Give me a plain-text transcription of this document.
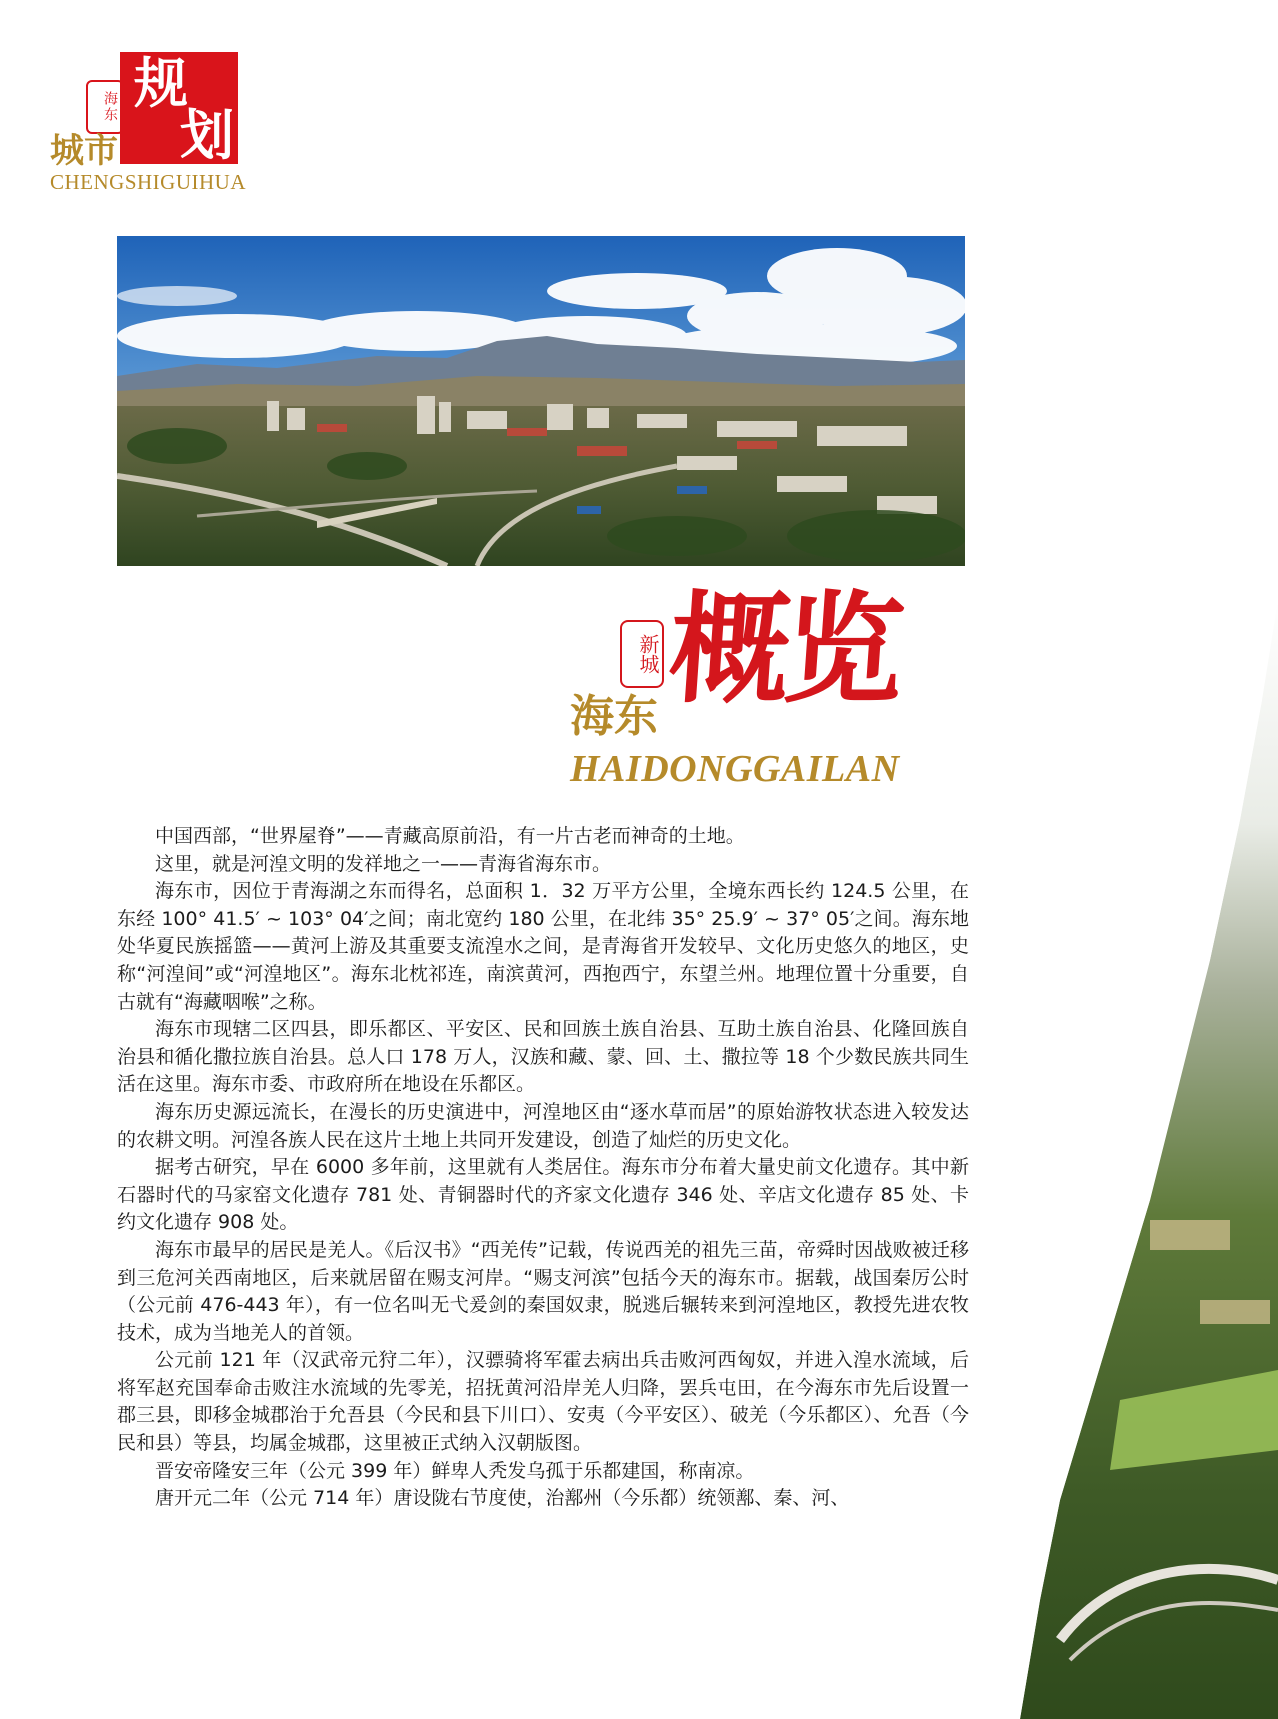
规
划
海东
城市
CHENGSHIGUIHUA
概览
新城
海东
HAIDONGGAILAN

中国西部，“世界屋脊”——青藏高原前沿，有一片古老而神奇的土地。

这里，就是河湟文明的发祥地之一——青海省海东市。

海东市，因位于青海湖之东而得名，总面积 1．32 万平方公里，全境东西长约 124.5 公里，在东经 100° 41.5′ ~ 103° 04′之间；南北宽约 180 公里，在北纬 35° 25.9′ ~ 37° 05′之间。海东地处华夏民族摇篮——黄河上游及其重要支流湟水之间，是青海省开发较早、文化历史悠久的地区，史称“河湟间”或“河湟地区”。海东北枕祁连，南滨黄河，西抱西宁，东望兰州。地理位置十分重要，自古就有“海藏咽喉”之称。

海东市现辖二区四县，即乐都区、平安区、民和回族土族自治县、互助土族自治县、化隆回族自治县和循化撒拉族自治县。总人口 178 万人，汉族和藏、蒙、回、土、撒拉等 18 个少数民族共同生活在这里。海东市委、市政府所在地设在乐都区。

海东历史源远流长，在漫长的历史演进中，河湟地区由“逐水草而居”的原始游牧状态进入较发达的农耕文明。河湟各族人民在这片土地上共同开发建设，创造了灿烂的历史文化。

据考古研究，早在 6000 多年前，这里就有人类居住。海东市分布着大量史前文化遗存。其中新石器时代的马家窑文化遗存 781 处、青铜器时代的齐家文化遗存 346 处、辛店文化遗存 85 处、卡约文化遗存 908 处。

海东市最早的居民是羌人。《后汉书》“西羌传”记载，传说西羌的祖先三苗，帝舜时因战败被迁移到三危河关西南地区，后来就居留在赐支河岸。“赐支河滨”包括今天的海东市。据载，战国秦厉公时（公元前 476-443 年），有一位名叫无弋爰剑的秦国奴隶，脱逃后辗转来到河湟地区，教授先进农牧技术，成为当地羌人的首领。

公元前 121 年（汉武帝元狩二年），汉骠骑将军霍去病出兵击败河西匈奴，并进入湟水流域，后将军赵充国奉命击败注水流域的先零羌，招抚黄河沿岸羌人归降，罢兵屯田，在今海东市先后设置一郡三县，即移金城郡治于允吾县（今民和县下川口）、安夷（今平安区）、破羌（今乐都区）、允吾（今民和县）等县，均属金城郡，这里被正式纳入汉朝版图。

晋安帝隆安三年（公元 399 年）鲜卑人秃发乌孤于乐都建国，称南凉。

唐开元二年（公元 714 年）唐设陇右节度使，治鄯州（今乐都）统领鄯、秦、河、
